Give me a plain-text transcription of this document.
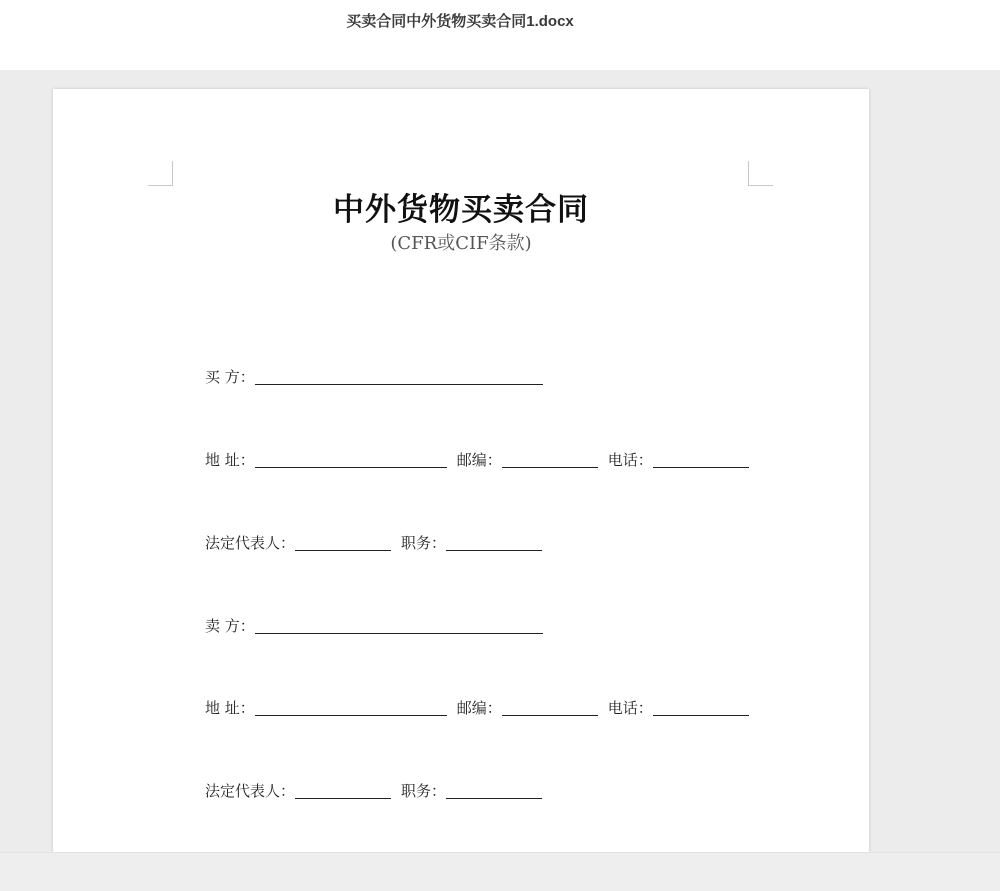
买卖合同中外货物买卖合同1.docx
中外货物买卖合同
(CFR或CIF条款)
买 方：
地 址：	邮编：	电话：
法定代表人：	职务：
卖 方：
地 址：	邮编：	电话：
法定代表人：	职务：
